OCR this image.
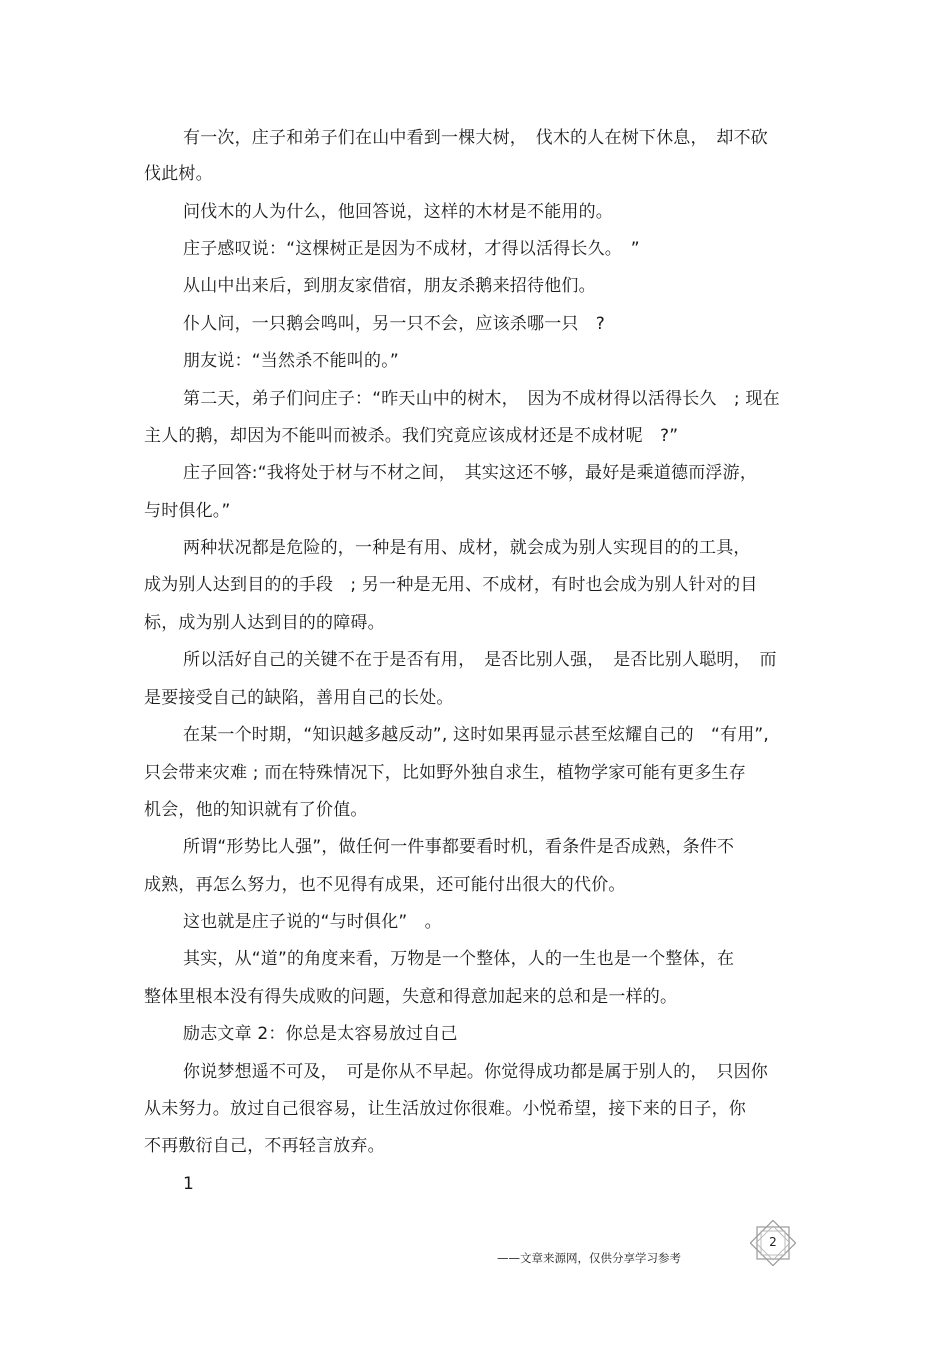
有一次，庄子和弟子们在山中看到一棵大树，　伐木的人在树下休息，　却不砍
伐此树。
问伐木的人为什么，他回答说，这样的木材是不能用的。
庄子感叹说：“这棵树正是因为不成材，才得以活得长久。　”
从山中出来后，到朋友家借宿，朋友杀鹅来招待他们。
仆人问，一只鹅会鸣叫，另一只不会，应该杀哪一只　?
朋友说：“当然杀不能叫的。”
第二天，弟子们问庄子：“昨天山中的树木，　因为不成材得以活得长久　; 现在
主人的鹅，却因为不能叫而被杀。我们究竟应该成材还是不成材呢　?”
庄子回答:“我将处于材与不材之间，　其实这还不够，最好是乘道德而浮游，
与时俱化。”
两种状况都是危险的，一种是有用、成材，就会成为别人实现目的的工具，
成为别人达到目的的手段　; 另一种是无用、不成材，有时也会成为别人针对的目
标，成为别人达到目的的障碍。
所以活好自己的关键不在于是否有用，　是否比别人强，　是否比别人聪明，　而
是要接受自己的缺陷，善用自己的长处。
在某一个时期，“知识越多越反动”, 这时如果再显示甚至炫耀自己的　“有用”,
只会带来灾难 ; 而在特殊情况下，比如野外独自求生，植物学家可能有更多生存
机会，他的知识就有了价值。
所谓“形势比人强”，做任何一件事都要看时机，看条件是否成熟，条件不
成熟，再怎么努力，也不见得有成果，还可能付出很大的代价。
这也就是庄子说的“与时俱化”　。
其实，从“道”的角度来看，万物是一个整体，人的一生也是一个整体，在
整体里根本没有得失成败的问题，失意和得意加起来的总和是一样的。
励志文章 2：你总是太容易放过自己
你说梦想遥不可及，　可是你从不早起。你觉得成功都是属于别人的，　只因你
从未努力。放过自己很容易，让生活放过你很难。小悦希望，接下来的日子，你
不再敷衍自己，不再轻言放弃。
1
——文章来源网，仅供分享学习参考
2
